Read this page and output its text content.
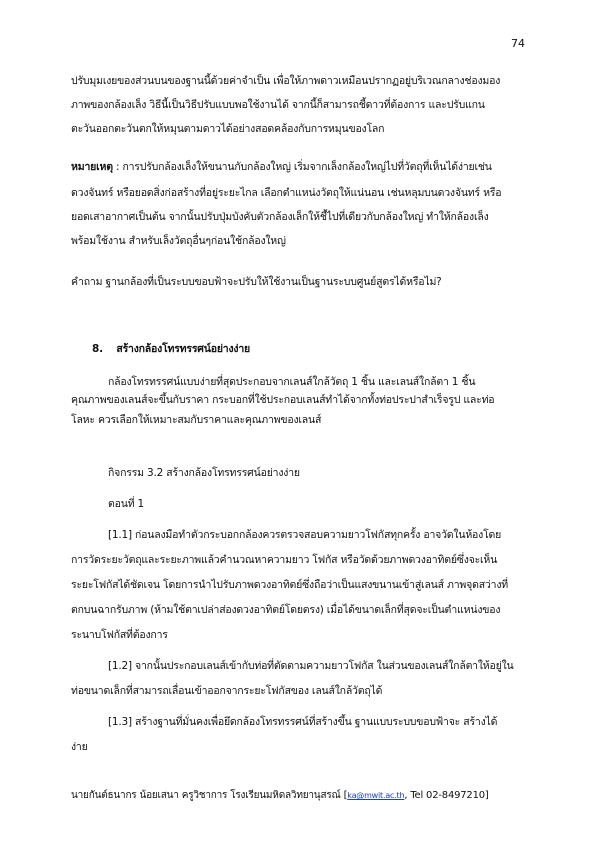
74
ปรับมุมเงยของส่วนบนของฐานนี้ด้วยค่าจำเป็น เพื่อให้ภาพดาวเหมือนปรากฏอยู่บริเวณกลางช่องมอง
ภาพของกล้องเล็ง วิธีนี้เป็นวิธีปรับแบบพอใช้งานได้ จากนี้ก็สามารถชี้ดาวที่ต้องการ และปรับแกน
ตะวันออกตะวันตกให้หมุนตามดาวได้อย่างสอดคล้องกับการหมุนของโลก
หมายเหตุ : การปรับกล้องเล็งให้ขนานกับกล้องใหญ่ เริ่มจากเล็งกล้องใหญ่ไปที่วัตถุที่เห็นได้ง่ายเช่น
ดวงจันทร์ หรือยอดสิ่งก่อสร้างที่อยู่ระยะไกล เลือกตำแหน่งวัตถุให้แน่นอน เช่นหลุมบนดวงจันทร์ หรือ
ยอดเสาอากาศเป็นต้น จากนั้นปรับปุ่มบังคับตัวกล้องเล็กให้ชี้ไปที่เดียวกับกล้องใหญ่ ทำให้กล้องเล็ง
พร้อมใช้งาน สำหรับเล็งวัตถุอื่นๆก่อนใช้กล้องใหญ่
คำถาม ฐานกล้องที่เป็นระบบขอบฟ้าจะปรับให้ใช้งานเป็นฐานระบบศูนย์สูตรได้หรือไม่?
8. สร้างกล้องโทรทรรศน์อย่างง่าย
กล้องโทรทรรศน์แบบง่ายที่สุดประกอบจากเลนส์ใกล้วัตถุ 1 ชิ้น และเลนส์ใกล้ตา 1 ชิ้น
คุณภาพของเลนส์จะขึ้นกับราคา กระบอกที่ใช้ประกอบเลนส์ทำได้จากทั้งท่อประปาสำเร็จรูป และท่อ
โลหะ ควรเลือกให้เหมาะสมกับราคาและคุณภาพของเลนส์
กิจกรรม 3.2 สร้างกล้องโทรทรรศน์อย่างง่าย
ตอนที่ 1
[1.1] ก่อนลงมือทำตัวกระบอกกล้องควรตรวจสอบความยาวโฟกัสทุกครั้ง อาจวัดในห้องโดย
การวัดระยะวัตถุและระยะภาพแล้วคำนวณหาความยาว โฟกัส หรือวัดด้วยภาพดวงอาทิตย์ซึ่งจะเห็น
ระยะโฟกัสได้ชัดเจน โดยการนำไปรับภาพดวงอาทิตย์ซึ่งถือว่าเป็นแสงขนานเข้าสู่เลนส์ ภาพจุดสว่างที่
ตกบนฉากรับภาพ (ห้ามใช้ตาเปล่าส่องดวงอาทิตย์โดยตรง) เมื่อได้ขนาดเล็กที่สุดจะเป็นตำแหน่งของ
ระนาบโฟกัสที่ต้องการ
[1.2] จากนั้นประกอบเลนส์เข้ากับท่อที่ตัดตามความยาวโฟกัส ในส่วนของเลนส์ใกล้ตาให้อยู่ใน
ท่อขนาดเล็กที่สามารถเลื่อนเข้าออกจากระยะโฟกัสของ เลนส์ใกล้วัตถุได้
[1.3] สร้างฐานที่มั่นคงเพื่อยึดกล้องโทรทรรศน์ที่สร้างขึ้น ฐานแบบระบบขอบฟ้าจะ สร้างได้
ง่าย
นายกันต์ธนากร น้อยเสนา ครูวิชาการ โรงเรียนมหิดลวิทยานุสรณ์ [ka@mwit.ac.th, Tel 02-8497210]
